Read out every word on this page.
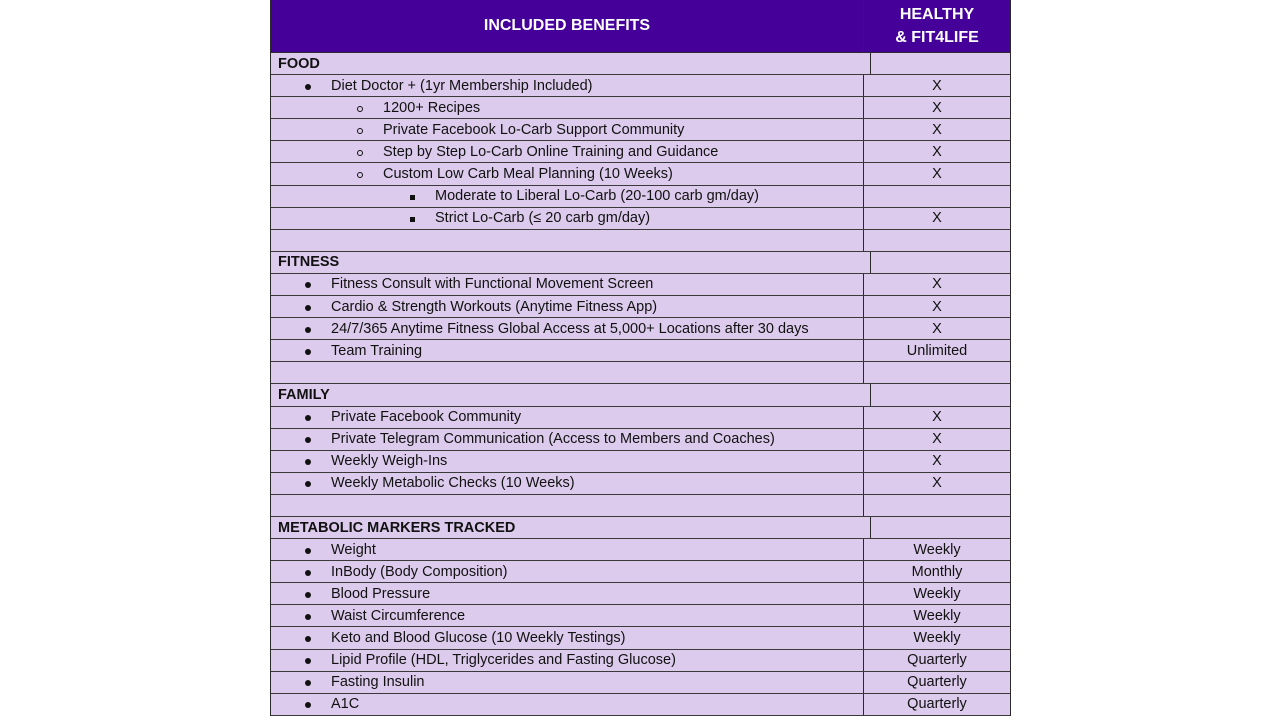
INCLUDED BENEFITS
HEALTHY
& FIT4LIFE
FOOD
Diet Doctor + (1yr Membership Included)	X
1200+ Recipes	X
Private Facebook Lo-Carb Support Community	X
Step by Step Lo-Carb Online Training and Guidance	X
Custom Low Carb Meal Planning (10 Weeks)	X
Moderate to Liberal Lo-Carb (20-100 carb gm/day)
Strict Lo-Carb (≤ 20 carb gm/day)	X
FITNESS
Fitness Consult with Functional Movement Screen	X
Cardio & Strength Workouts (Anytime Fitness App)	X
24/7/365 Anytime Fitness Global Access at 5,000+ Locations after 30 days	X
Team Training	Unlimited
FAMILY
Private Facebook Community	X
Private Telegram Communication (Access to Members and Coaches)	X
Weekly Weigh-Ins	X
Weekly Metabolic Checks (10 Weeks)	X
METABOLIC MARKERS TRACKED
Weight	Weekly
InBody (Body Composition)	Monthly
Blood Pressure	Weekly
Waist Circumference	Weekly
Keto and Blood Glucose (10 Weekly Testings)	Weekly
Lipid Profile (HDL, Triglycerides and Fasting Glucose)	Quarterly
Fasting Insulin	Quarterly
A1C	Quarterly
